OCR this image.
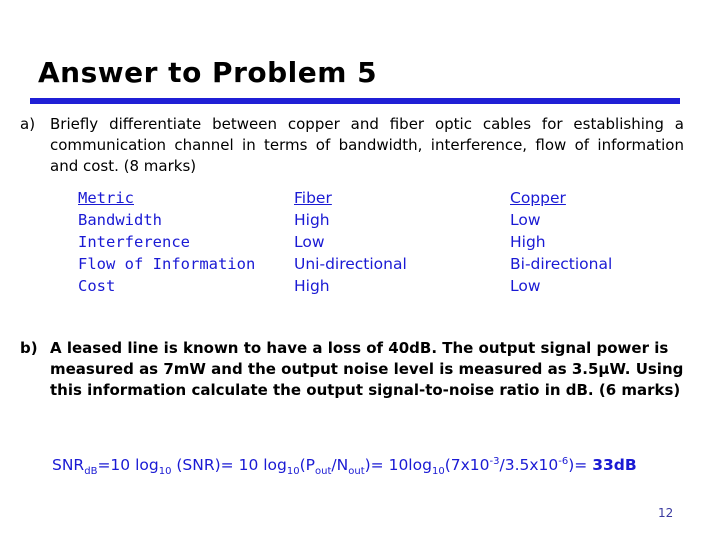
Answer to Problem 5
a) Briefly differentiate between copper and fiber optic cables for establishing a communication channel in terms of bandwidth, interference, flow of information and cost. (8 marks)
Metric	Fiber	Copper
Bandwidth	High	Low
Interference	Low	High
Flow of Information	Uni-directional	Bi-directional
Cost	High	Low
b) A leased line is known to have a loss of 40dB. The output signal power is measured as 7mW and the output noise level is measured as 3.5µW. Using this information calculate the output signal-to-noise ratio in dB. (6 marks)
$SNR_{dB}=10$ $\log_{10} (SNR)= 10$ $\log_{10}(P_{out}/N_{out})= 10\log_{10}(7x10^{-3}/3.5x10^{-6})= 33dB$
12
